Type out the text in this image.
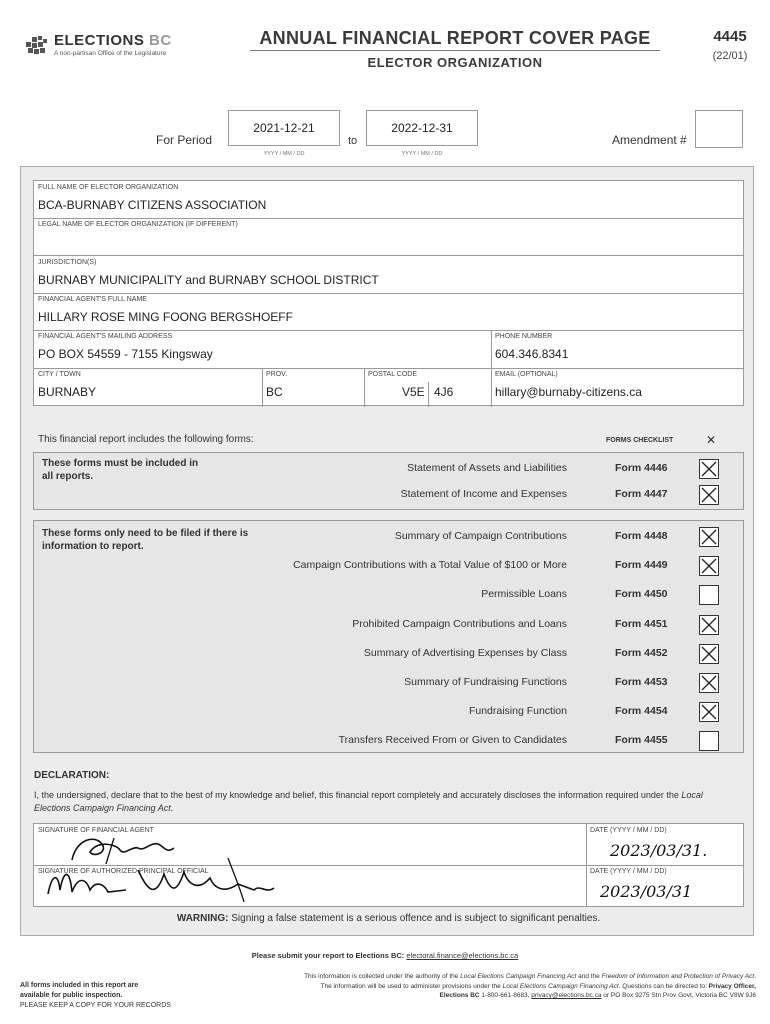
ELECTIONS BC
A non-partisan Office of the Legislature
ANNUAL FINANCIAL REPORT COVER PAGE
ELECTOR ORGANIZATION
4445
(22/01)
For Period
2021-12-21
YYYY / MM / DD
to
2022-12-31
YYYY / MM / DD
Amendment #
FULL NAME OF ELECTOR ORGANIZATION
BCA-BURNABY CITIZENS ASSOCIATION
LEGAL NAME OF ELECTOR ORGANIZATION (IF DIFFERENT)
JURISDICTION(S)
BURNABY MUNICIPALITY and BURNABY SCHOOL DISTRICT
FINANCIAL AGENT'S FULL NAME
HILLARY ROSE MING FOONG BERGSHOEFF
FINANCIAL AGENT'S MAILING ADDRESS
PO BOX 54559 - 7155 Kingsway
PHONE NUMBER
604.346.8341
CITY / TOWN
BURNABY
PROV.
BC
POSTAL CODE
V5E 4J6
EMAIL (OPTIONAL)
hillary@burnaby-citizens.ca
This financial report includes the following forms:	FORMS CHECKLIST	✕
These forms must be included in all reports.
Statement of Assets and Liabilities	Form 4446
Statement of Income and Expenses	Form 4447
These forms only need to be filed if there is information to report.
Summary of Campaign Contributions	Form 4448
Campaign Contributions with a Total Value of $100 or More	Form 4449
Permissible Loans	Form 4450
Prohibited Campaign Contributions and Loans	Form 4451
Summary of Advertising Expenses by Class	Form 4452
Summary of Fundraising Functions	Form 4453
Fundraising Function	Form 4454
Transfers Received From or Given to Candidates	Form 4455
DECLARATION:
I, the undersigned, declare that to the best of my knowledge and belief, this financial report completely and accurately discloses the information required under the Local Elections Campaign Financing Act.
SIGNATURE OF FINANCIAL AGENT
SIGNATURE OF AUTHORIZED PRINCIPAL OFFICIAL
DATE (YYYY / MM / DD)
DATE (YYYY / MM / DD)
2023/03/31.
2023/03/31
WARNING: Signing a false statement is a serious offence and is subject to significant penalties.
Please submit your report to Elections BC: electoral.finance@elections.bc.ca
All forms included in this report are
available for public inspection.
PLEASE KEEP A COPY FOR YOUR RECORDS
This information is collected under the authority of the Local Elections Campaign Financing Act and the Freedom of Information and Protection of Privacy Act. The information will be used to administer provisions under the Local Elections Campaign Financing Act. Questions can be directed to: Privacy Officer, Elections BC 1-800-661-8683, privacy@elections.bc.ca or PO Box 9275 Stn Prov Govt, Victoria BC V8W 9J6
